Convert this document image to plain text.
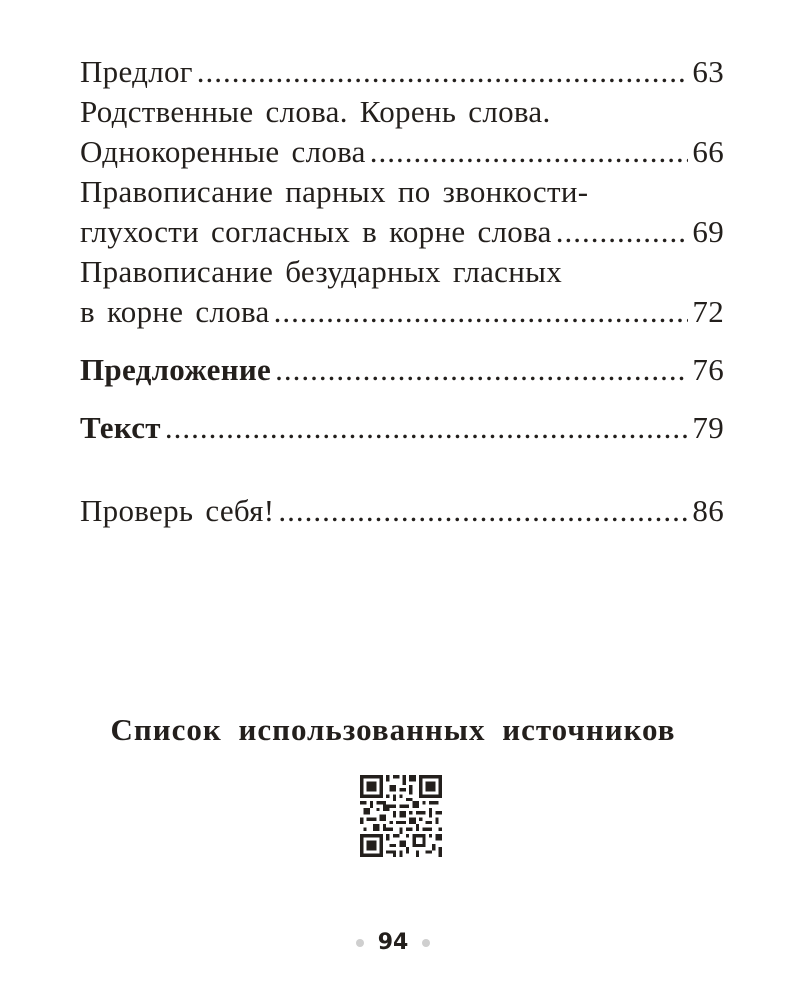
Предлог .....	63
Родственные слова. Корень слова.
Однокоренные слова .....	66
Правописание парных по звонкости-
глухости согласных в корне слова .....	69
Правописание безударных гласных
в корне слова .....	72
Предложение .....	76
Текст .....	79
Проверь себя! .....	86
Список использованных источников
94
